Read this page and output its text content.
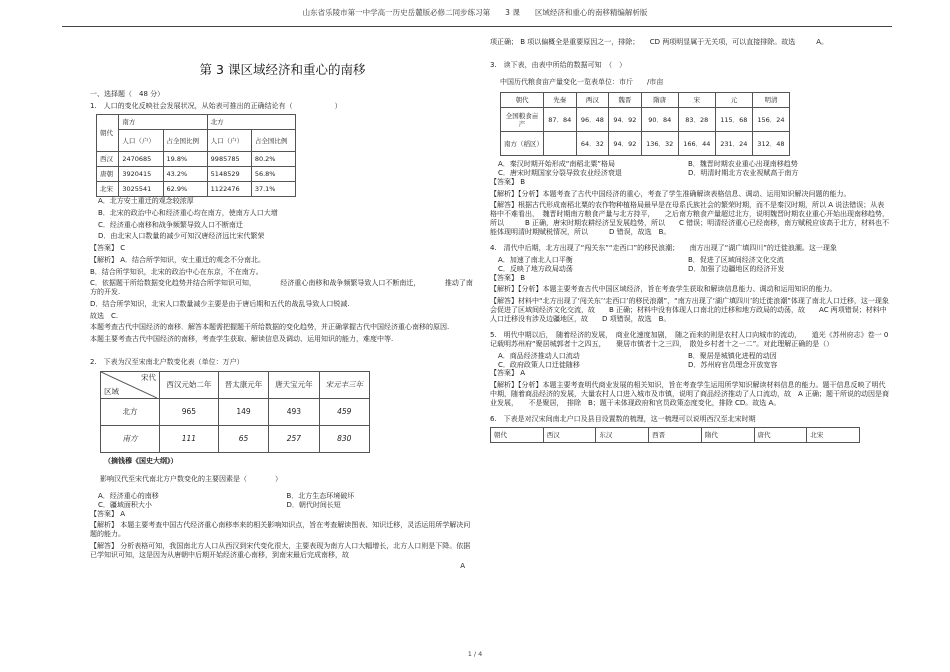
山东省乐陵市第一中学高一历史岳麓版必修二同步练习第　　3 课　　区域经济和重心的南移精编解析版
第 3 课区域经济和重心的南移

一、选择题（　48 分）

1.　人口的变化反映社会发展状况，从始表可推出的正确结论有（　　　　　　）

朝代	南方		北方	
	人口（户）	占全国比例	人口（户）	占全国比例
西汉	2470685	19.8%	9985785	80.2%
唐朝	3920415	43.2%	5148529	56.8%
北宋	3025541	62.9%	1122476	37.1%

A．北方安土重迁的观念较浓厚

B．北宋的政治中心和经济重心均在南方，使南方人口大增

C．经济重心南移和战争频繁导致人口不断南迁

D．由北宋人口数量的减少可知汉唐经济远比宋代繁荣

【答案】 C

【解析】 A．结合所学知识，安土重迁的观念不分南北。

B．结合所学知识，北宋的政治中心在东京，不在南方。

C．依据题干所给数据变化趋势并结合所学知识可知，　　　　经济重心南移和战争频繁导致人口不断南迁，　　　　推动了南方的开发.

D．结合所学知识，北宋人口数量减少主要是由于唐后期和五代的战乱导致人口锐减.

故选　C.

本题考查古代中国经济的南移．解答本题需把握题干所给数据的变化趋势，并正确掌握古代中国经济重心南移的原因.

本题主要考查古代中国经济的南移，考查学生获取、解读信息及调动、运用知识的能力，难度中等.

2.　下表为汉至宋南北户数变化表（单位：万户）

宋代
区域	西汉元始二年	晋太康元年	唐天宝元年	宋元丰三年
北方	965	149	493	459
南方	111	65	257	830

（摘钱穆《国史大纲》）

影响汉代至宋代南北方户数变化的主要因素是（　　　　）

A．经济重心的南移	B．北方生态环境破坏
C．疆域面积大小	D．朝代时间长短

【答案】 A

【解析】 本题主要考查中国古代经济重心南移率来的相关影响知识点，旨在考查解读图表、知识迁移，灵活运用所学解决问题的能力。

【解答】 分析表格可知，我国南北方人口从西汉到宋代变化很大，主要表现为南方人口大幅增长，北方人口则是下降。依据已学知识可知，这是因为从唐朝中后期开始经济重心南移，到南宋最后完成南移，故

A

项正确； B 项以偏概全是重要原因之一，排除；　　CD 两项明显属于无关项，可以直接排除。故选　　　A。

3.　读下表，由表中所给的数据可知　（　）

中国历代粮食亩产量变化一览表单位：市斤　　/市亩

朝代	先秦	两汉	魏晋	隋唐	宋	元	明清
全国粮食亩产	87．84	96．48	94．92	90．84	83．28	115．68	156．24
南方（稻区）		64．32	94．92	136．32	166．44	231．24	312．48
A．秦汉时期开始形成“南稻北粟”格局	B．魏晋时期农业重心出现南移趋势
C．唐宋时期国家分裂导致农业经济衰退	D．明清时期北方农业视赋高于南方

【答案】 B

【解析】【分析】本题考查了古代中国经济的重心，考查了学生准确解读表格信息、调动、运用知识解决问题的能力。

【解答】根据古代形成南稻北粟的农作物种植格局最早是在母系氏族社会的繁荣时期，而不是秦汉时期，所以 A 说法错误；从表格中不难看出，　魏晋时期南方粮食产量与北方持平，　　之后南方粮食产量超过北方，说明魏晋时期农业重心开始出现南移趋势，所以　　　B 正确，唐宋时期农耕经济呈发展趋势，所以　　C 错误；明清经济重心已经南移，南方赋税应该高于北方，材料也不能体现明清时期赋税情况，所以　　　D 错误，故选　B。

4.　清代中后期，北方出现了“闯关东”“走西口”的移民浪潮；　　南方出现了“湖广填四川”的迁徙浪潮。这一现象

A．加速了南北人口平衡	B．促进了区域间经济文化交流
C．反映了地方政局动荡	D．加强了边疆地区的经济开发

【答案】 B

【解析】【分析】本题主要考查古代中国区域经济，旨在考查学生获取和解读信息能力、调动和运用知识的能力。

【解答】材料中“北方出现了‘闯关东’‘走西口’的移民浪潮”，“南方出现了‘湖广填四川’的迁徙浪潮”体现了南北人口迁移，这一现象会促进了区域间经济文化交流，故　　B 正确；材料中没有体现人口南北的迁移和地方政局的动荡，故　　AC 两项错误；材料中人口迁移没有涉及边疆地区，故　　D 项错误，故选　B。

5.　明代中期以后，　随着经济的发展，　商业化速度加剧，　随之而来的则是农村人口向城市的流动，　　道光《苏州府志》卷一 0 记载明苏州府“聚居城郭者十之四五，　　聚居市镇者十之三四，　散处乡村者十之一二”。对此理解正确的是（）

A．商品经济推动人口流动	B．聚居是城镇化进程的动因
C．政府政策人口迁徙随移	D．苏州府官员理念开放宽容

【答案】 A

【解析】【分析】本题主要考查明代商业发展的相关知识，旨在考查学生运用所学知识解读材料信息的能力。题干信息反映了明代中期，随着商品经济的发展，大量农村人口进入城市及市镇，说明了商品经济推动了人口流动，故　A 正确；题干所说的动因是商业发展，　　不是聚居，　排除　B；题干未体现政府和官员政策态度变化，排除 CD。故选 A。

6.　下表是对汉宋间南北户口及县目设置数的梳理，这一梳理可以说明西汉至北宋时期

朝代	西汉	东汉	西晋	隋代	唐代	北宋
1 / 4
